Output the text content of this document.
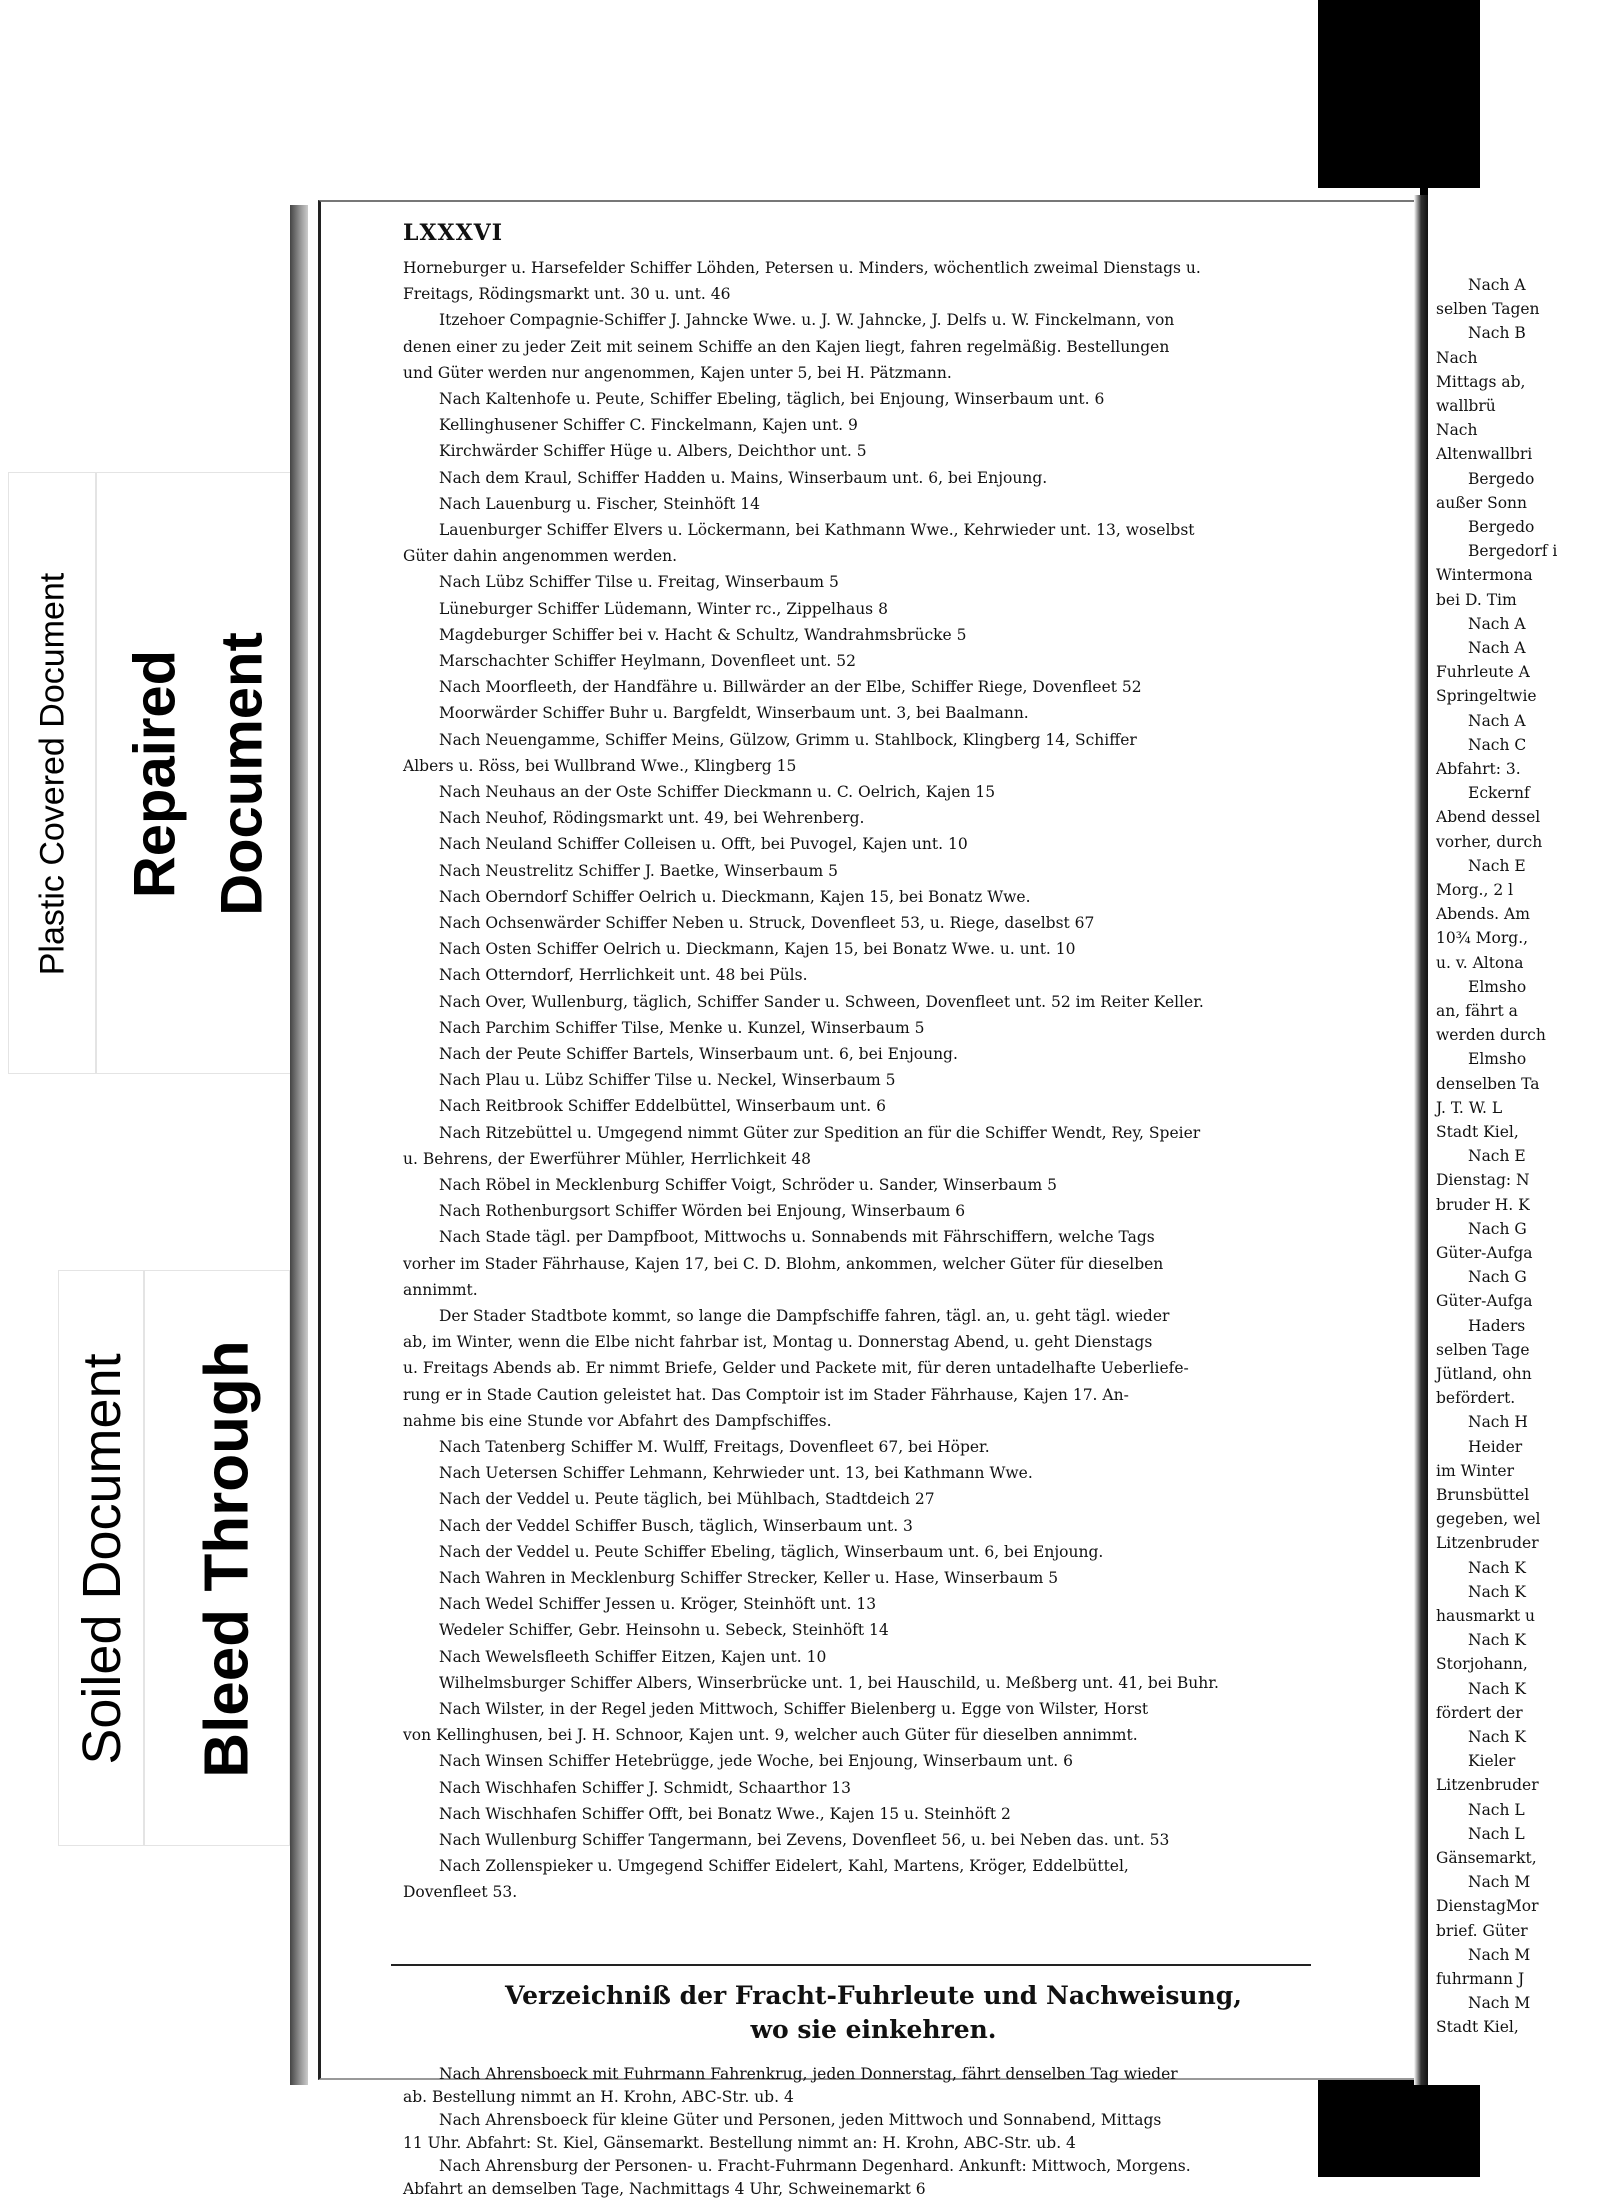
Plastic Covered Document Repaired Document
Soiled Document Bleed Through
LXXXVI
Horneburger u. Harsefelder Schiffer Löhden, Petersen u. Minders, wöchentlich zweimal Dienstags u.
Freitags, Rödingsmarkt unt. 30 u. unt. 46
Itzehoer Compagnie-Schiffer J. Jahncke Wwe. u. J. W. Jahncke, J. Delfs u. W. Finckelmann, von
denen einer zu jeder Zeit mit seinem Schiffe an den Kajen liegt, fahren regelmäßig. Bestellungen
und Güter werden nur angenommen, Kajen unter 5, bei H. Pätzmann.
Nach Kaltenhofe u. Peute, Schiffer Ebeling, täglich, bei Enjoung, Winserbaum unt. 6
Kellinghusener Schiffer C. Finckelmann, Kajen unt. 9
Kirchwärder Schiffer Hüge u. Albers, Deichthor unt. 5
Nach dem Kraul, Schiffer Hadden u. Mains, Winserbaum unt. 6, bei Enjoung.
Nach Lauenburg u. Fischer, Steinhöft 14
Lauenburger Schiffer Elvers u. Löckermann, bei Kathmann Wwe., Kehrwieder unt. 13, woselbst
Güter dahin angenommen werden.
Nach Lübz Schiffer Tilse u. Freitag, Winserbaum 5
Lüneburger Schiffer Lüdemann, Winter rc., Zippelhaus 8
Magdeburger Schiffer bei v. Hacht & Schultz, Wandrahmsbrücke 5
Marschachter Schiffer Heylmann, Dovenfleet unt. 52
Nach Moorfleeth, der Handfähre u. Billwärder an der Elbe, Schiffer Riege, Dovenfleet 52
Moorwärder Schiffer Buhr u. Bargfeldt, Winserbaum unt. 3, bei Baalmann.
Nach Neuengamme, Schiffer Meins, Gülzow, Grimm u. Stahlbock, Klingberg 14, Schiffer
Albers u. Röss, bei Wullbrand Wwe., Klingberg 15
Nach Neuhaus an der Oste Schiffer Dieckmann u. C. Oelrich, Kajen 15
Nach Neuhof, Rödingsmarkt unt. 49, bei Wehrenberg.
Nach Neuland Schiffer Colleisen u. Offt, bei Puvogel, Kajen unt. 10
Nach Neustrelitz Schiffer J. Baetke, Winserbaum 5
Nach Oberndorf Schiffer Oelrich u. Dieckmann, Kajen 15, bei Bonatz Wwe.
Nach Ochsenwärder Schiffer Neben u. Struck, Dovenfleet 53, u. Riege, daselbst 67
Nach Osten Schiffer Oelrich u. Dieckmann, Kajen 15, bei Bonatz Wwe. u. unt. 10
Nach Otterndorf, Herrlichkeit unt. 48 bei Püls.
Nach Over, Wullenburg, täglich, Schiffer Sander u. Schween, Dovenfleet unt. 52 im Reiter Keller.
Nach Parchim Schiffer Tilse, Menke u. Kunzel, Winserbaum 5
Nach der Peute Schiffer Bartels, Winserbaum unt. 6, bei Enjoung.
Nach Plau u. Lübz Schiffer Tilse u. Neckel, Winserbaum 5
Nach Reitbrook Schiffer Eddelbüttel, Winserbaum unt. 6
Nach Ritzebüttel u. Umgegend nimmt Güter zur Spedition an für die Schiffer Wendt, Rey, Speier
u. Behrens, der Ewerführer Mühler, Herrlichkeit 48
Nach Röbel in Mecklenburg Schiffer Voigt, Schröder u. Sander, Winserbaum 5
Nach Rothenburgsort Schiffer Wörden bei Enjoung, Winserbaum 6
Nach Stade tägl. per Dampfboot, Mittwochs u. Sonnabends mit Fährschiffern, welche Tags
vorher im Stader Fährhause, Kajen 17, bei C. D. Blohm, ankommen, welcher Güter für dieselben
annimmt.
Der Stader Stadtbote kommt, so lange die Dampfschiffe fahren, tägl. an, u. geht tägl. wieder
ab, im Winter, wenn die Elbe nicht fahrbar ist, Montag u. Donnerstag Abend, u. geht Dienstags
u. Freitags Abends ab. Er nimmt Briefe, Gelder und Packete mit, für deren untadelhafte Ueberliefe-
rung er in Stade Caution geleistet hat. Das Comptoir ist im Stader Fährhause, Kajen 17. An-
nahme bis eine Stunde vor Abfahrt des Dampfschiffes.
Nach Tatenberg Schiffer M. Wulff, Freitags, Dovenfleet 67, bei Höper.
Nach Uetersen Schiffer Lehmann, Kehrwieder unt. 13, bei Kathmann Wwe.
Nach der Veddel u. Peute täglich, bei Mühlbach, Stadtdeich 27
Nach der Veddel Schiffer Busch, täglich, Winserbaum unt. 3
Nach der Veddel u. Peute Schiffer Ebeling, täglich, Winserbaum unt. 6, bei Enjoung.
Nach Wahren in Mecklenburg Schiffer Strecker, Keller u. Hase, Winserbaum 5
Nach Wedel Schiffer Jessen u. Kröger, Steinhöft unt. 13
Wedeler Schiffer, Gebr. Heinsohn u. Sebeck, Steinhöft 14
Nach Wewelsfleeth Schiffer Eitzen, Kajen unt. 10
Wilhelmsburger Schiffer Albers, Winserbrücke unt. 1, bei Hauschild, u. Meßberg unt. 41, bei Buhr.
Nach Wilster, in der Regel jeden Mittwoch, Schiffer Bielenberg u. Egge von Wilster, Horst
von Kellinghusen, bei J. H. Schnoor, Kajen unt. 9, welcher auch Güter für dieselben annimmt.
Nach Winsen Schiffer Hetebrügge, jede Woche, bei Enjoung, Winserbaum unt. 6
Nach Wischhafen Schiffer J. Schmidt, Schaarthor 13
Nach Wischhafen Schiffer Offt, bei Bonatz Wwe., Kajen 15 u. Steinhöft 2
Nach Wullenburg Schiffer Tangermann, bei Zevens, Dovenfleet 56, u. bei Neben das. unt. 53
Nach Zollenspieker u. Umgegend Schiffer Eidelert, Kahl, Martens, Kröger, Eddelbüttel,
Dovenfleet 53.
Verzeichniß der Fracht-Fuhrleute und Nachweisung,
wo sie einkehren.
Nach Ahrensboeck mit Fuhrmann Fahrenkrug, jeden Donnerstag, fährt denselben Tag wieder
ab. Bestellung nimmt an H. Krohn, ABC-Str. ub. 4
Nach Ahrensboeck für kleine Güter und Personen, jeden Mittwoch und Sonnabend, Mittags
11 Uhr. Abfahrt: St. Kiel, Gänsemarkt. Bestellung nimmt an: H. Krohn, ABC-Str. ub. 4
Nach Ahrensburg der Personen- u. Fracht-Fuhrmann Degenhard. Ankunft: Mittwoch, Morgens.
Abfahrt an demselben Tage, Nachmittags 4 Uhr, Schweinemarkt 6
Nach A
selben Tagen
Nach B
Nach
Mittags ab,
wallbrü
Nach
Altenwallbri
Bergedo
außer Sonn
Bergedo
Bergedorf i
Wintermona
bei D. Tim
Nach A
Nach A
Fuhrleute A
Springeltwie
Nach A
Nach C
Abfahrt: 3.
Eckernf
Abend dessel
vorher, durch
Nach E
Morg., 2 l
Abends. Am
10¾ Morg.,
u. v. Altona
Elmsho
an, fährt a
werden durch
Elmsho
denselben Ta
J. T. W. L
Stadt Kiel,
Nach E
Dienstag: N
bruder H. K
Nach G
Güter-Aufga
Nach G
Güter-Aufga
Haders
selben Tage
Jütland, ohn
befördert.
Nach H
Heider
im Winter
Brunsbüttel
gegeben, wel
Litzenbruder
Nach K
Nach K
hausmarkt u
Nach K
Storjohann,
Nach K
fördert der
Nach K
Kieler
Litzenbruder
Nach L
Nach L
Gänsemarkt,
Nach M
DienstagMor
brief. Güter
Nach M
fuhrmann J
Nach M
Stadt Kiel,
